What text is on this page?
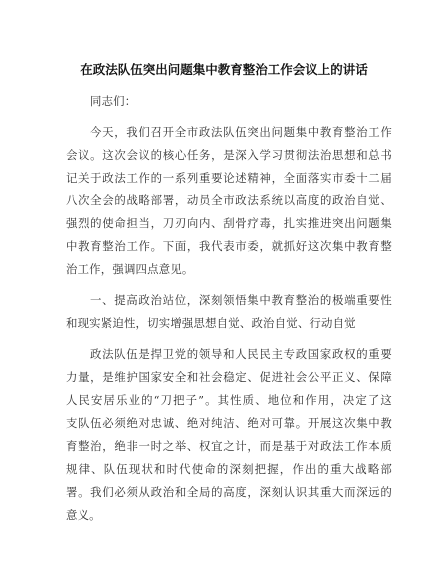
在政法队伍突出问题集中教育整治工作会议上的讲话
同志们：
今天，我们召开全市政法队伍突出问题集中教育整治工作
会议。这次会议的核心任务，是深入学习贯彻法治思想和总书
记关于政法工作的一系列重要论述精神，全面落实市委十二届
八次全会的战略部署，动员全市政法系统以高度的政治自觉、
强烈的使命担当，刀刃向内、刮骨疗毒，扎实推进突出问题集
中教育整治工作。下面，我代表市委，就抓好这次集中教育整
治工作，强调四点意见。
一、提高政治站位，深刻领悟集中教育整治的极端重要性
和现实紧迫性，切实增强思想自觉、政治自觉、行动自觉
政法队伍是捍卫党的领导和人民民主专政国家政权的重要
力量，是维护国家安全和社会稳定、促进社会公平正义、保障
人民安居乐业的“刀把子”。其性质、地位和作用，决定了这
支队伍必须绝对忠诚、绝对纯洁、绝对可靠。开展这次集中教
育整治，绝非一时之举、权宜之计，而是基于对政法工作本质
规律、队伍现状和时代使命的深刻把握，作出的重大战略部
署。我们必须从政治和全局的高度，深刻认识其重大而深远的
意义。
